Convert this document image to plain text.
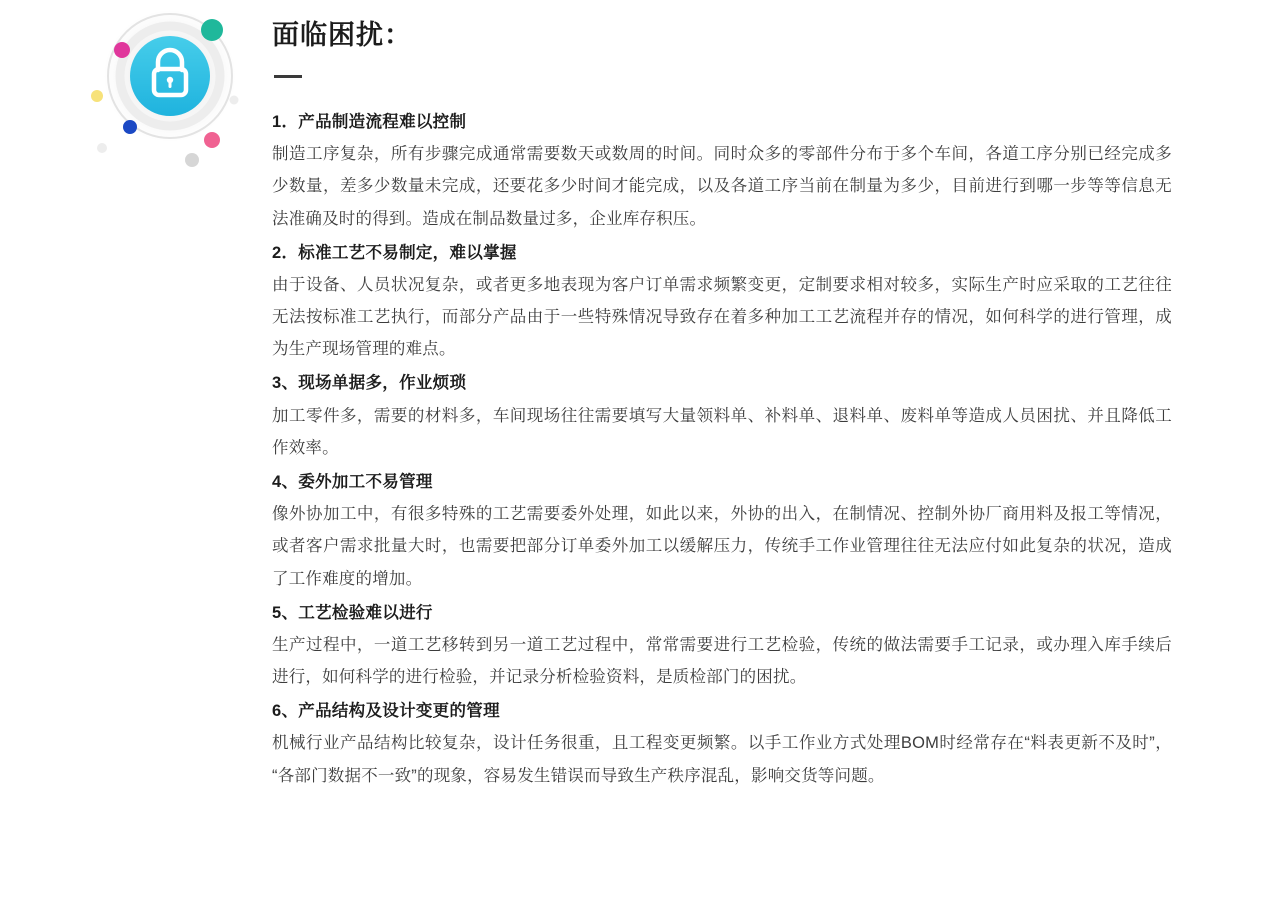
面临困扰：
1．产品制造流程难以控制

制造工序复杂，所有步骤完成通常需要数天或数周的时间。同时众多的零部件分布于多个车间，各道工序分别已经完成多少数量，差多少数量未完成，还要花多少时间才能完成，以及各道工序当前在制量为多少，目前进行到哪一步等等信息无法准确及时的得到。造成在制品数量过多，企业库存积压。

2．标准工艺不易制定，难以掌握

由于设备、人员状况复杂，或者更多地表现为客户订单需求频繁变更，定制要求相对较多，实际生产时应采取的工艺往往无法按标准工艺执行，而部分产品由于一些特殊情况导致存在着多种加工工艺流程并存的情况，如何科学的进行管理，成为生产现场管理的难点。

3、现场单据多，作业烦琐

加工零件多，需要的材料多，车间现场往往需要填写大量领料单、补料单、退料单、废料单等造成人员困扰、并且降低工作效率。

4、委外加工不易管理

像外协加工中，有很多特殊的工艺需要委外处理，如此以来，外协的出入，在制情况、控制外协厂商用料及报工等情况，或者客户需求批量大时，也需要把部分订单委外加工以缓解压力，传统手工作业管理往往无法应付如此复杂的状况，造成了工作难度的增加。

5、工艺检验难以进行

生产过程中，一道工艺移转到另一道工艺过程中，常常需要进行工艺检验，传统的做法需要手工记录，或办理入库手续后进行，如何科学的进行检验，并记录分析检验资料，是质检部门的困扰。

6、产品结构及设计变更的管理

机械行业产品结构比较复杂，设计任务很重，且工程变更频繁。以手工作业方式处理BOM时经常存在“料表更新不及时”，“各部门数据不一致”的现象，容易发生错误而导致生产秩序混乱，影响交货等问题。
